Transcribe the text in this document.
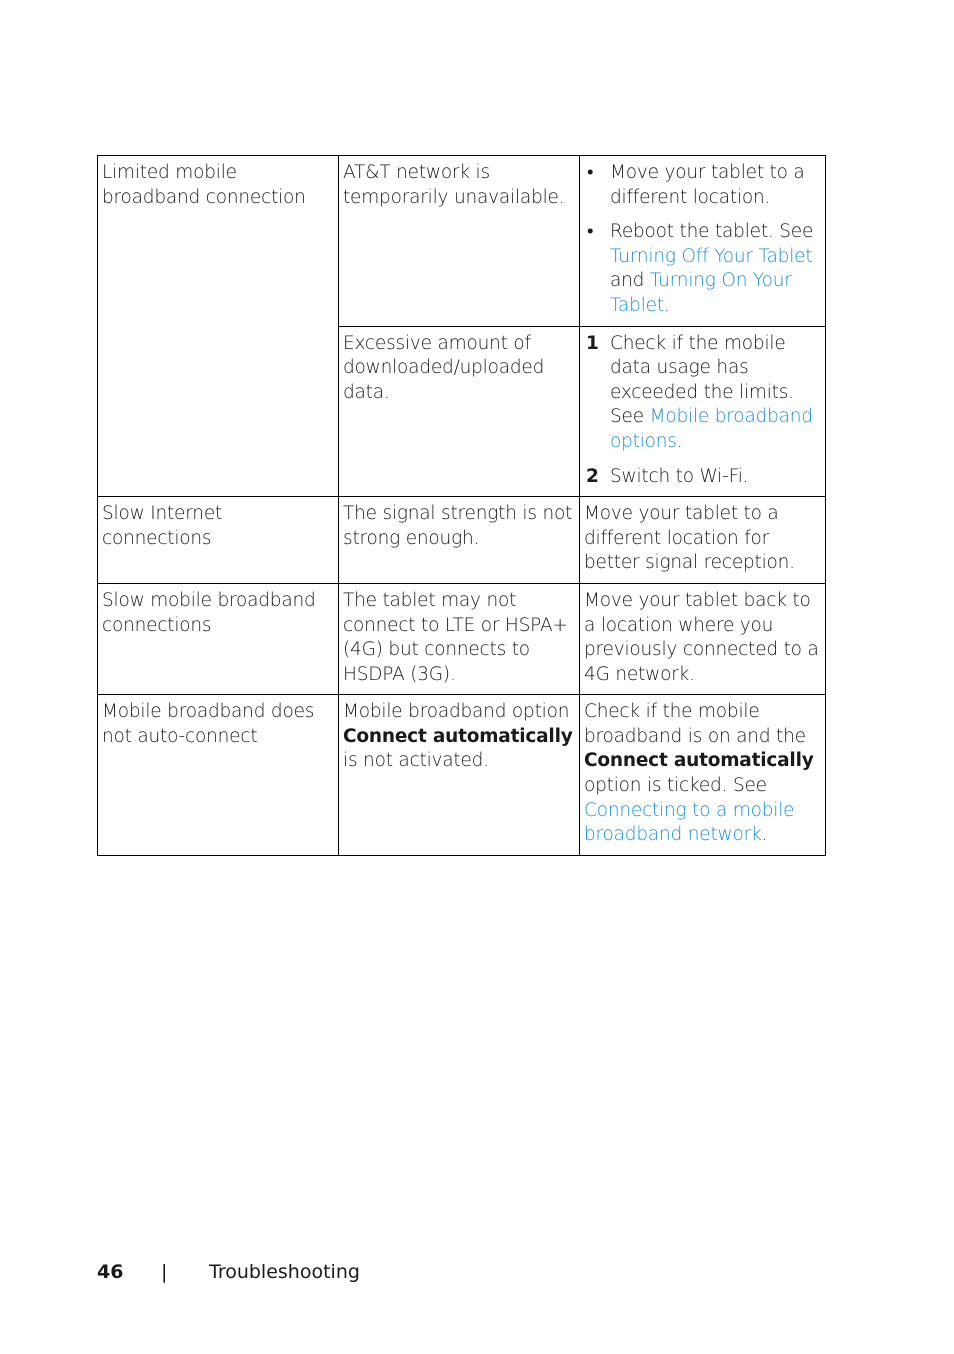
Limited mobile broadband connection	AT&T network is temporarily unavailable.	• Move your tablet to a different location.
• Reboot the tablet. See Turning Off Your Tablet and Turning On Your Tablet.

	Excessive amount of downloaded/uploaded data.	1 Check if the mobile data usage has exceeded the limits. See Mobile broadband options.
2 Switch to Wi-Fi.

Slow Internet connections	The signal strength is not strong enough.	Move your tablet to a different location for better signal reception.
Slow mobile broadband connections	The tablet may not connect to LTE or HSPA+ (4G) but connects to HSDPA (3G).	Move your tablet back to a location where you previously connected to a 4G network.
Mobile broadband does not auto-connect	Mobile broadband option Connect automatically is not activated.	Check if the mobile broadband is on and the Connect automatically option is ticked. See Connecting to a mobile broadband network.
46 | Troubleshooting
